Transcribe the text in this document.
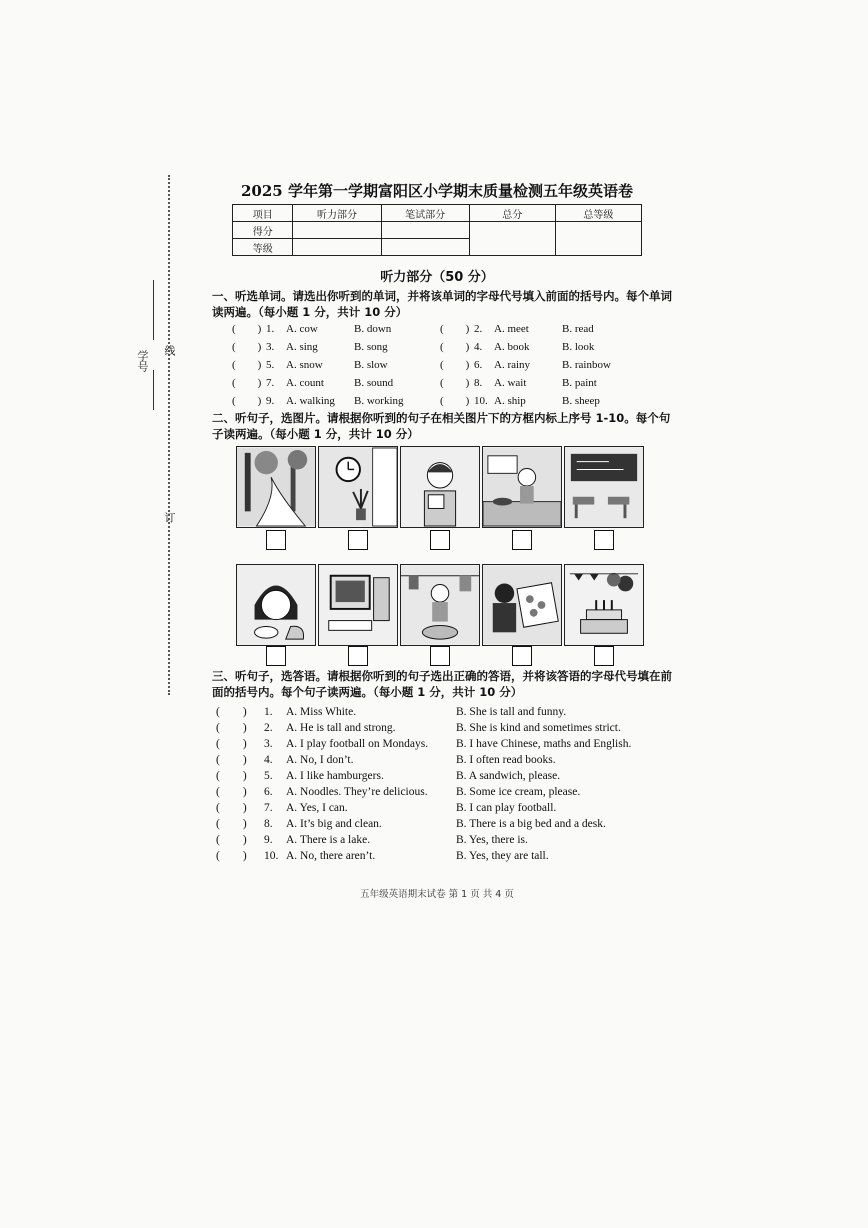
学号 线
订
2025 学年第一学期富阳区小学期末质量检测五年级英语卷
项目	听力部分	笔试部分	总分	总等级
得分				
等级				
听力部分（50 分）
一、听选单词。请选出你听到的单词，并将该单词的字母代号填入前面的括号内。每个单词读两遍。（每小题 1 分，共计 10 分）
(　　) 1. A. cow	B. down	(　　) 2. A. meet	B. read
(　　) 3. A. sing	B. song	(　　) 4. A. book	B. look
(　　) 5. A. snow	B. slow	(　　) 6. A. rainy	B. rainbow
(　　) 7. A. count	B. sound	(　　) 8. A. wait	B. paint
(　　) 9. A. walking B. working	(　　) 10. A. ship	B. sheep
二、听句子，选图片。请根据你听到的句子在相关图片下的方框内标上序号 1-10。每个句子读两遍。（每小题 1 分，共计 10 分）
三、听句子，选答语。请根据你听到的句子选出正确的答语，并将该答语的字母代号填在前面的括号内。每个句子读两遍。（每小题 1 分，共计 10 分）
(　　) 1. A. Miss White.	B. She is tall and funny.
(　　) 2. A. He is tall and strong.	B. She is kind and sometimes strict.
(　　) 3. A. I play football on Mondays. B. I have Chinese, maths and English.
(　　) 4. A. No, I don’t.	B. I often read books.
(　　) 5. A. I like hamburgers.	B. A sandwich, please.
(　　) 6. A. Noodles. They’re delicious. B. Some ice cream, please.
(　　) 7. A. Yes, I can.	B. I can play football.
(　　) 8. A. It’s big and clean.	B. There is a big bed and a desk.
(　　) 9. A. There is a lake.	B. Yes, there is.
(　　) 10. A. No, there aren’t.	B. Yes, they are tall.
五年级英语期末试卷 第 1 页 共 4 页
